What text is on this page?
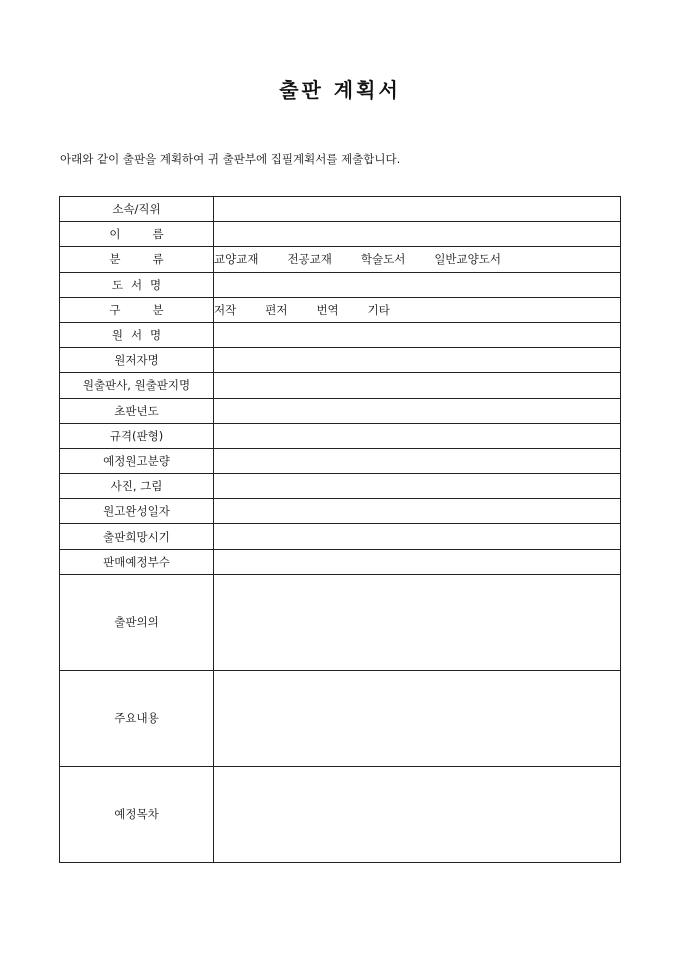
출판 계획서
아래와 같이 출판을 계획하여 귀 출판부에 집필계획서를 제출합니다.
소속/직위	
이 름	
분 류	교양교재 전공교재 학술도서 일반교양도서
도 서 명	
구 분	저작 편저 번역 기타
원 서 명	
원저자명	
원출판사, 원출판지명	
초판년도	
규격(판형)	
예정원고분량	
사진, 그림	
원고완성일자	
출판희망시기	
판매예정부수	
출판의의	
주요내용	
예정목차	
